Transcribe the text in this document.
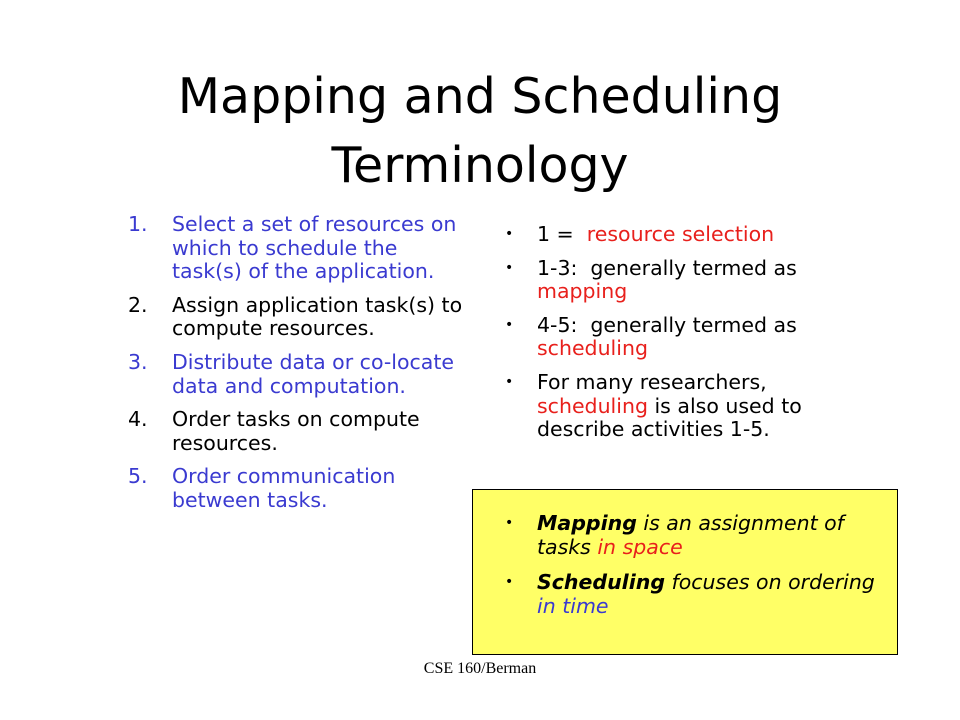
Mapping and Scheduling
Terminology
1.	Select a set of resources on which to schedule the task(s) of the application.
2.	Assign application task(s) to compute resources.
3.	Distribute data or co-locate data and computation.
4.	Order tasks on compute resources.
5.	Order communication between tasks.
•	1 =  resource selection
•	1-3:  generally termed as mapping
•	4-5:  generally termed as scheduling
•	For many researchers, scheduling is also used to describe activities 1-5.
•	Mapping is an assignment of tasks in space
•	Scheduling focuses on ordering in time
CSE 160/Berman
